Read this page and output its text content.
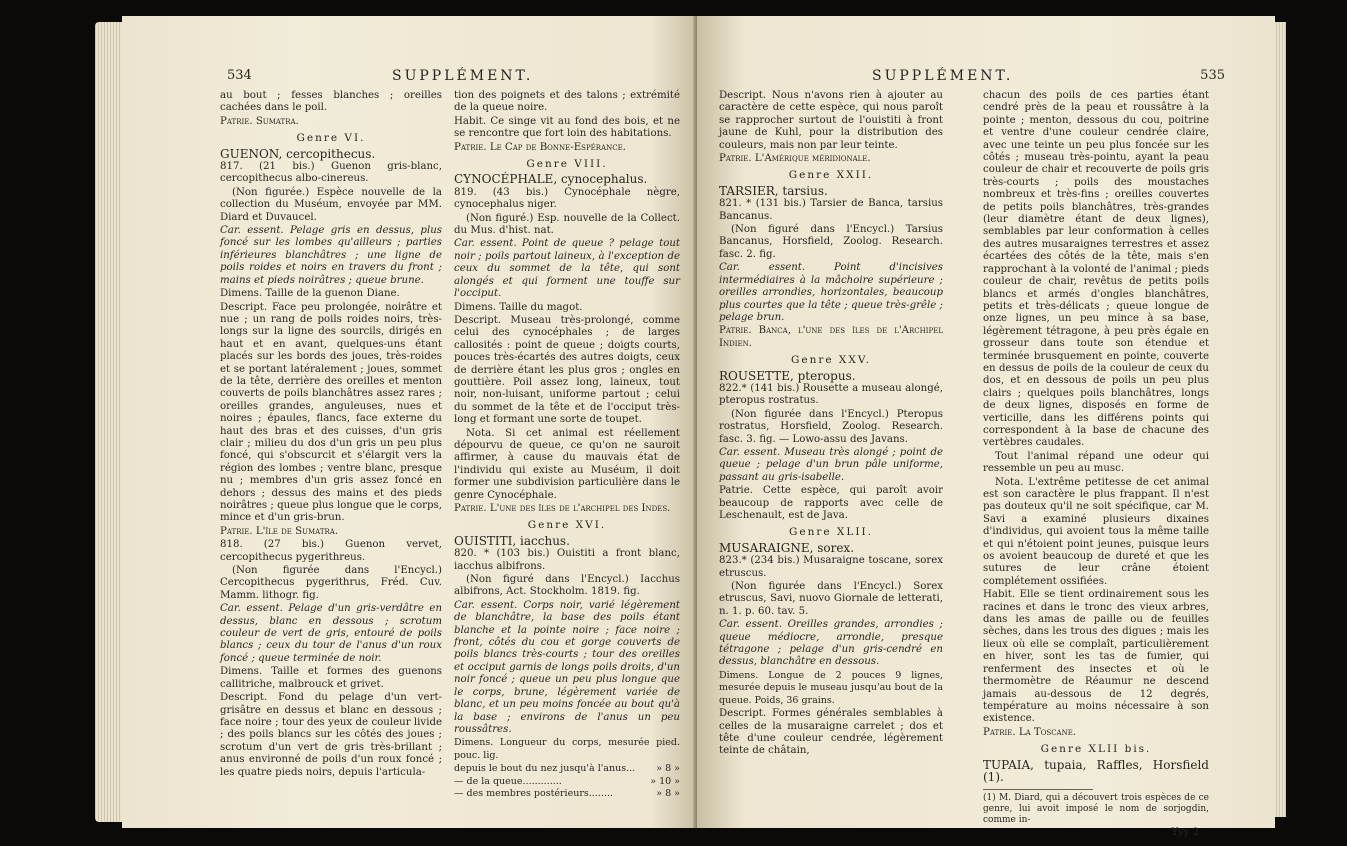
534	SUPPLÉMENT.

au bout ; fesses blanches ; oreilles cachées dans le poil.

Patrie. Sumatra.

Genre VI.
GUENON, cercopithecus.

817. (21 bis.) Guenon gris-blanc, cercopithecus albo-cinereus.

(Non figurée.) Espèce nouvelle de la collection du Muséum, envoyée par MM. Diard et Duvaucel.

Car. essent. Pelage gris en dessus, plus foncé sur les lombes qu'ailleurs ; parties inférieures blanchâtres ; une ligne de poils roides et noirs en travers du front ; mains et pieds noirâtres ; queue brune.

Dimens. Taille de la guenon Diane.

Descript. Face peu prolongée, noirâtre et nue ; un rang de poils roides noirs, très-longs sur la ligne des sourcils, dirigés en haut et en avant, quelques-uns étant placés sur les bords des joues, très-roides et se portant latéralement ; joues, sommet de la tête, derrière des oreilles et menton couverts de poils blanchâtres assez rares ; oreilles grandes, anguleuses, nues et noires ; épaules, flancs, face externe du haut des bras et des cuisses, d'un gris clair ; milieu du dos d'un gris un peu plus foncé, qui s'obscurcit et s'élargit vers la région des lombes ; ventre blanc, presque nu ; membres d'un gris assez foncé en dehors ; dessus des mains et des pieds noirâtres ; queue plus longue que le corps, mince et d'un gris-brun.

Patrie. L'île de Sumatra.

818. (27 bis.) Guenon vervet, cercopithecus pygerithreus.

(Non figurée dans l'Encycl.) Cercopithecus pygerithrus, Fréd. Cuv. Mamm. lithogr. fig.

Car. essent. Pelage d'un gris-verdâtre en dessus, blanc en dessous ; scrotum couleur de vert de gris, entouré de poils blancs ; ceux du tour de l'anus d'un roux foncé ; queue terminée de noir.

Dimens. Taille et formes des guenons callitriche, malbrouck et grivet.

Descript. Fond du pelage d'un vert-grisâtre en dessus et blanc en dessous ; face noire ; tour des yeux de couleur livide ; des poils blancs sur les côtés des joues ; scrotum d'un vert de gris très-brillant ; anus environné de poils d'un roux foncé ; les quatre pieds noirs, depuis l'articula-

tion des poignets et des talons ; extrémité de la queue noire.

Habit. Ce singe vit au fond des bois, et ne se rencontre que fort loin des habitations.

Patrie. Le Cap de Bonne-Espérance.

Genre VIII.
CYNOCÉPHALE, cynocephalus.

819. (43 bis.) Cynocéphale nègre, cynocephalus niger.

(Non figuré.) Esp. nouvelle de la Collect. du Mus. d'hist. nat.

Car. essent. Point de queue ? pelage tout noir ; poils partout laineux, à l'exception de ceux du sommet de la tête, qui sont alongés et qui forment une touffe sur l'occiput.

Dimens. Taille du magot.

Descript. Museau très-prolongé, comme celui des cynocéphales ; de larges callosités : point de queue ; doigts courts, pouces très-écartés des autres doigts, ceux de derrière étant les plus gros ; ongles en gouttière. Poil assez long, laineux, tout noir, non-luisant, uniforme partout ; celui du sommet de la tête et de l'occiput très-long et formant une sorte de toupet.

Nota. Si cet animal est réellement dépourvu de queue, ce qu'on ne sauroit affirmer, à cause du mauvais état de l'individu qui existe au Muséum, il doit former une subdivision particulière dans le genre Cynocéphale.

Patrie. L'une des îles de l'archipel des Indes.

Genre XVI.
OUISTITI, iacchus.

820. * (103 bis.) Ouistiti a front blanc, iacchus albifrons.

(Non figuré dans l'Encycl.) Iacchus albifrons, Act. Stockholm. 1819. fig.

Car. essent. Corps noir, varié légèrement de blanchâtre, la base des poils étant blanche et la pointe noire ; face noire ; front, côtés du cou et gorge couverts de poils blancs très-courts ; tour des oreilles et occiput garnis de longs poils droits, d'un noir foncé ; queue un peu plus longue que le corps, brune, légèrement variée de blanc, et un peu moins foncée au bout qu'à la base ; environs de l'anus un peu roussâtres.

Dimens. Longueur du corps, mesurée pied. pouc. lig.

depuis le bout du nez jusqu'à l'anus... » 8 »
— de la queue.............	» 10 »
— des membres postérieurs........	» 8 »
SUPPLÉMENT.	535

Descript. Nous n'avons rien à ajouter au caractère de cette espèce, qui nous paroît se rapprocher surtout de l'ouistiti à front jaune de Kuhl, pour la distribution des couleurs, mais non par leur teinte.

Patrie. L'Amérique méridionale.

Genre XXII.
TARSIER, tarsius.

821. * (131 bis.) Tarsier de Banca, tarsius Bancanus.

(Non figuré dans l'Encycl.) Tarsius Bancanus, Horsfield, Zoolog. Research. fasc. 2. fig.

Car. essent. Point d'incisives intermédiaires à la mâchoire supérieure ; oreilles arrondies, horizontales, beaucoup plus courtes que la tête ; queue très-grêle ; pelage brun.

Patrie. Banca, l'une des îles de l'Archipel Indien.

Genre XXV.
ROUSETTE, pteropus.

822.* (141 bis.) Rousette a museau alongé, pteropus rostratus.

(Non figurée dans l'Encycl.) Pteropus rostratus, Horsfield, Zoolog. Research. fasc. 3. fig. — Lowo-assu des Javans.

Car. essent. Museau très alongé ; point de queue ; pelage d'un brun pâle uniforme, passant au gris-isabelle.

Patrie. Cette espèce, qui paroît avoir beaucoup de rapports avec celle de Leschenault, est de Java.

Genre XLII.
MUSARAIGNE, sorex.

823.* (234 bis.) Musaraigne toscane, sorex etruscus.

(Non figurée dans l'Encycl.) Sorex etruscus, Savi, nuovo Giornale de letterati, n. 1. p. 60. tav. 5.

Car. essent. Oreilles grandes, arrondies ; queue médiocre, arrondie, presque tétragone ; pelage d'un gris-cendré en dessus, blanchâtre en dessous.

Dimens. Longue de 2 pouces 9 lignes, mesurée depuis le museau jusqu'au bout de la queue. Poids, 36 grains.

Descript. Formes générales semblables à celles de la musaraigne carrelet ; dos et tête d'une couleur cendrée, légèrement teinte de châtain,

chacun des poils de ces parties étant cendré près de la peau et roussâtre à la pointe ; menton, dessous du cou, poitrine et ventre d'une couleur cendrée claire, avec une teinte un peu plus foncée sur les côtés ; museau très-pointu, ayant la peau couleur de chair et recouverte de poils gris très-courts ; poils des moustaches nombreux et très-fins ; oreilles couvertes de petits poils blanchâtres, très-grandes (leur diamètre étant de deux lignes), semblables par leur conformation à celles des autres musaraignes terrestres et assez écartées des côtés de la tête, mais s'en rapprochant à la volonté de l'animal ; pieds couleur de chair, revêtus de petits poils blancs et armés d'ongles blanchâtres, petits et très-délicats ; queue longue de onze lignes, un peu mince à sa base, légèrement tétragone, à peu près égale en grosseur dans toute son étendue et terminée brusquement en pointe, couverte en dessus de poils de la couleur de ceux du dos, et en dessous de poils un peu plus clairs ; quelques poils blanchâtres, longs de deux lignes, disposés en forme de verticille, dans les différens points qui correspondent à la base de chacune des vertèbres caudales.

Tout l'animal répand une odeur qui ressemble un peu au musc.

Nota. L'extrême petitesse de cet animal est son caractère le plus frappant. Il n'est pas douteux qu'il ne soit spécifique, car M. Savi a examiné plusieurs dixaines d'individus, qui avoient tous la même taille et qui n'étoient point jeunes, puisque leurs os avoient beaucoup de dureté et que les sutures de leur crâne étoient complétement ossifiées.

Habit. Elle se tient ordinairement sous les racines et dans le tronc des vieux arbres, dans les amas de paille ou de feuilles sèches, dans les trous des digues ; mais les lieux où elle se complaît, particulièrement en hiver, sont les tas de fumier, qui renferment des insectes et où le thermomètre de Réaumur ne descend jamais au-dessous de 12 degrés, température au moins nécessaire à son existence.

Patrie. La Toscane.

Genre XLII bis.
TUPAIA, tupaia, Raffles, Horsfield (1).

(1) M. Diard, qui a découvert trois espèces de ce genre, lui avoit imposé le nom de sorjogdin, comme in-

Yyy 2
